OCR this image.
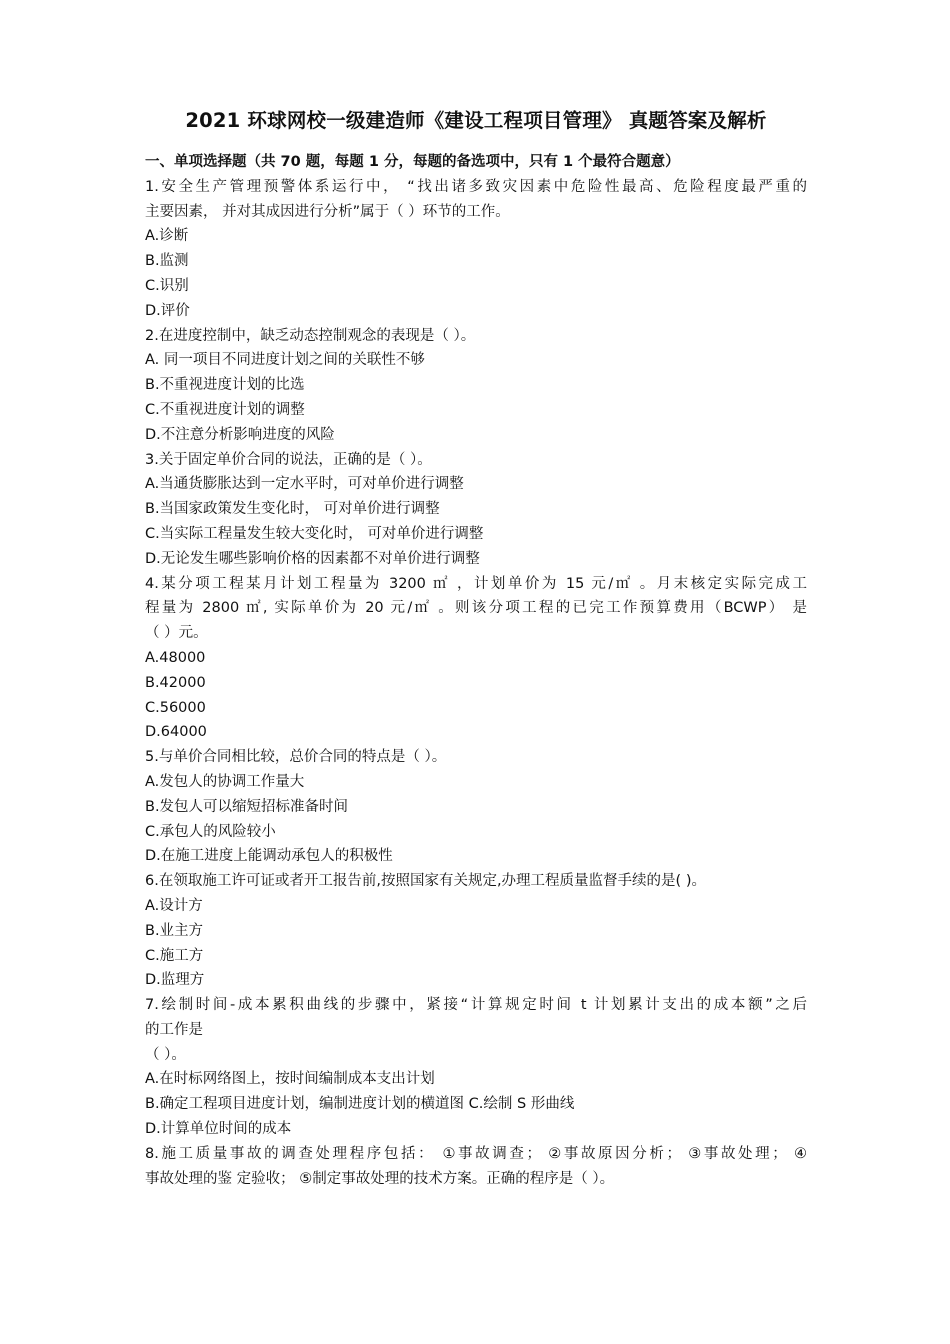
2021 环球网校一级建造师《建设工程项目管理》 真题答案及解析
一、单项选择题（共 70 题，每题 1 分，每题的备选项中，只有 1 个最符合题意）
1.安全生产管理预警体系运行中， “找出诸多致灾因素中危险性最高、危险程度最严重的
主要因素， 并对其成因进行分析”属于（ ）环节的工作。
A.诊断
B.监测
C.识别
D.评价
2.在进度控制中，缺乏动态控制观念的表现是（ ）。
A. 同一项目不同进度计划之间的关联性不够
B.不重视进度计划的比选
C.不重视进度计划的调整
D.不注意分析影响进度的风险
3.关于固定单价合同的说法，正确的是（ ）。
A.当通货膨胀达到一定水平时，可对单价进行调整
B.当国家政策发生变化时， 可对单价进行调整
C.当实际工程量发生较大变化时， 可对单价进行调整
D.无论发生哪些影响价格的因素都不对单价进行调整
4.某分项工程某月计划工程量为 3200 ㎡ ，计划单价为 15 元/㎡ 。月末核定实际完成工
程量为 2800 ㎡, 实际单价为 20 元/㎡ 。则该分项工程的已完工作预算费用（BCWP） 是
（ ）元。
A.48000
B.42000
C.56000
D.64000
5.与单价合同相比较，总价合同的特点是（ ）。
A.发包人的协调工作量大
B.发包人可以缩短招标准备时间
C.承包人的风险较小
D.在施工进度上能调动承包人的积极性
6.在领取施工许可证或者开工报告前,按照国家有关规定,办理工程质量监督手续的是( )。
A.设计方
B.业主方
C.施工方
D.监理方
7.绘制时间-成本累积曲线的步骤中，紧接“计算规定时间 t 计划累计支出的成本额”之后
的工作是
（ ）。
A.在时标网络图上，按时间编制成本支出计划
B.确定工程项目进度计划，编制进度计划的横道图 C.绘制 S 形曲线
D.计算单位时间的成本
8.施工质量事故的调查处理程序包括： ①事故调查； ②事故原因分析； ③事故处理； ④
事故处理的鉴 定验收； ⑤制定事故处理的技术方案。正确的程序是（ ）。
